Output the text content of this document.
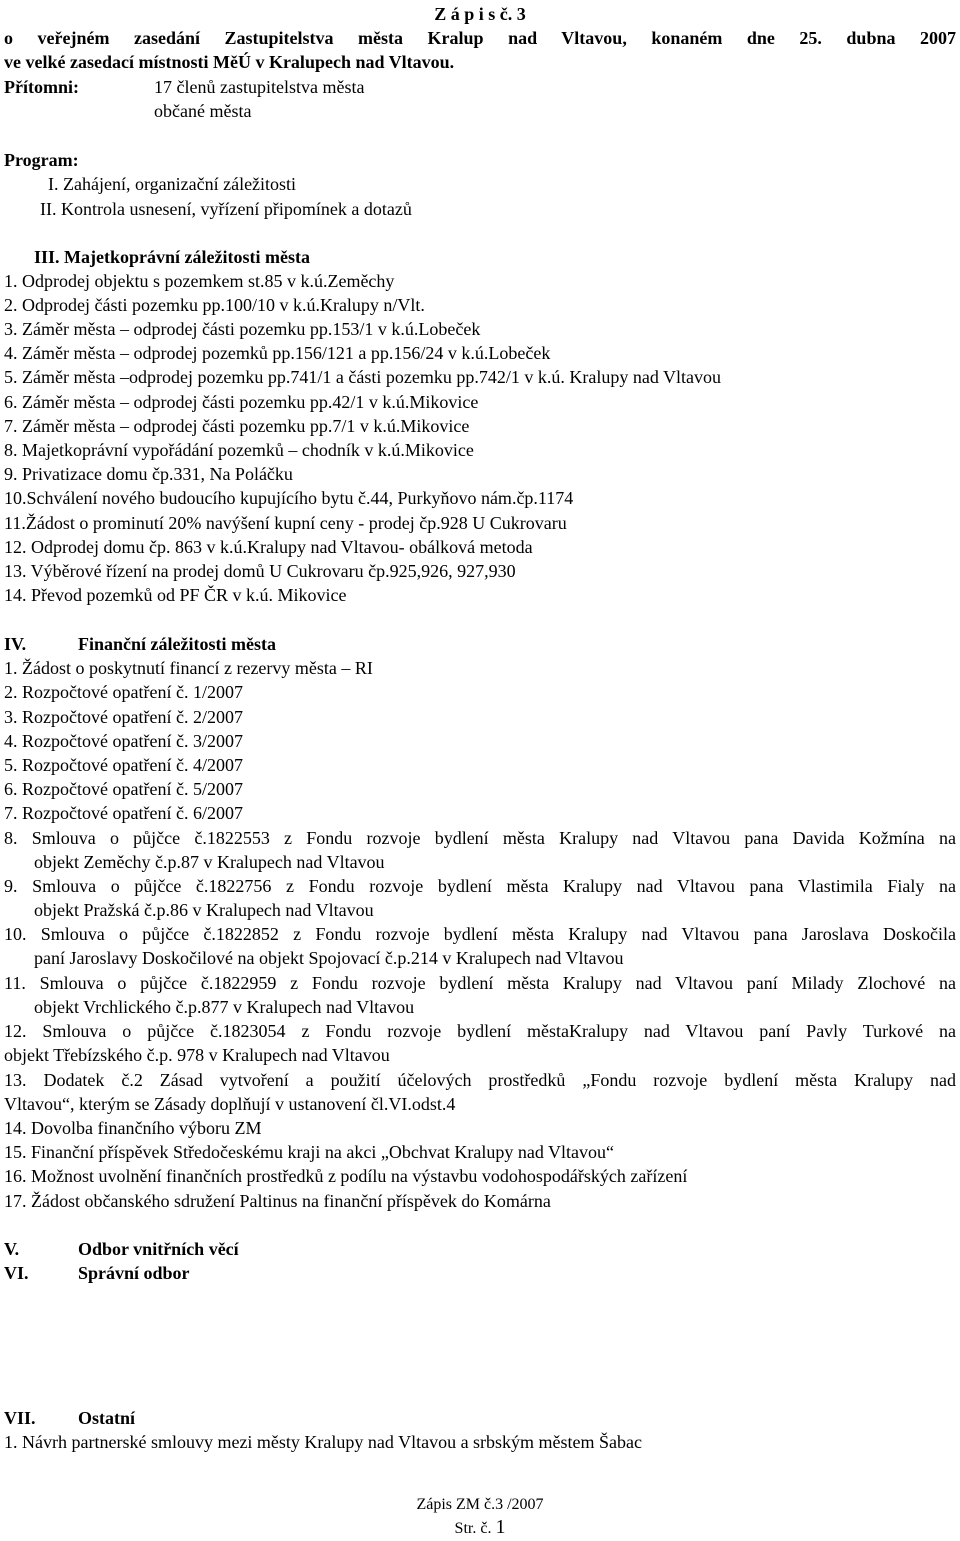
Z á p i s č. 3
o veřejném zasedání Zastupitelstva města Kralup nad Vltavou, konaném dne 25. dubna 2007
ve velké zasedací místnosti MěÚ v Kralupech nad Vltavou.
Přítomni:	17 členů zastupitelstva města
občané města
Program:
I. Zahájení, organizační záležitosti
II. Kontrola usnesení, vyřízení připomínek a dotazů
III. Majetkoprávní záležitosti města
1. Odprodej objektu s pozemkem st.85 v k.ú.Zeměchy
2. Odprodej části pozemku pp.100/10 v k.ú.Kralupy n/Vlt.
3. Záměr města – odprodej části pozemku pp.153/1 v k.ú.Lobeček
4. Záměr města – odprodej pozemků pp.156/121 a pp.156/24 v k.ú.Lobeček
5. Záměr města –odprodej pozemku pp.741/1 a části pozemku pp.742/1 v k.ú. Kralupy nad Vltavou
6. Záměr města – odprodej části pozemku pp.42/1 v k.ú.Mikovice
7. Záměr města – odprodej části pozemku pp.7/1 v k.ú.Mikovice
8. Majetkoprávní vypořádání pozemků – chodník v k.ú.Mikovice
9. Privatizace domu čp.331, Na Poláčku
10.Schválení nového budoucího kupujícího bytu č.44, Purkyňovo nám.čp.1174
11.Žádost o prominutí 20% navýšení kupní ceny - prodej čp.928 U Cukrovaru
12. Odprodej domu čp. 863 v k.ú.Kralupy nad Vltavou- obálková metoda
13. Výběrové řízení na prodej domů U Cukrovaru čp.925,926, 927,930
14. Převod pozemků od PF ČR v k.ú. Mikovice
IV.	Finanční záležitosti města
1. Žádost o poskytnutí financí z rezervy města – RI
2. Rozpočtové opatření č. 1/2007
3. Rozpočtové opatření č. 2/2007
4. Rozpočtové opatření č. 3/2007
5. Rozpočtové opatření č. 4/2007
6. Rozpočtové opatření č. 5/2007
7. Rozpočtové opatření č. 6/2007
8. Smlouva o půjčce č.1822553 z Fondu rozvoje bydlení města Kralupy nad Vltavou pana Davida Kožmína na
objekt Zeměchy č.p.87 v Kralupech nad Vltavou
9. Smlouva o půjčce č.1822756 z Fondu rozvoje bydlení města Kralupy nad Vltavou pana Vlastimila Fialy na
objekt Pražská č.p.86 v Kralupech nad Vltavou
10. Smlouva o půjčce č.1822852 z Fondu rozvoje bydlení města Kralupy nad Vltavou pana Jaroslava Doskočila
paní Jaroslavy Doskočilové na objekt Spojovací č.p.214 v Kralupech nad Vltavou
11. Smlouva o půjčce č.1822959 z Fondu rozvoje bydlení města Kralupy nad Vltavou paní Milady Zlochové na
objekt Vrchlického č.p.877 v Kralupech nad Vltavou
12. Smlouva o půjčce č.1823054 z Fondu rozvoje bydlení městaKralupy nad Vltavou paní Pavly Turkové na
objekt Třebízského č.p. 978 v Kralupech nad Vltavou
13. Dodatek č.2 Zásad vytvoření a použití účelových prostředků „Fondu rozvoje bydlení města Kralupy nad
Vltavou“, kterým se Zásady doplňují v ustanovení čl.VI.odst.4
14. Dovolba finančního výboru ZM
15. Finanční příspěvek Středočeskému kraji na akci „Obchvat Kralupy nad Vltavou“
16. Možnost uvolnění finančních prostředků z podílu na výstavbu vodohospodářských zařízení
17. Žádost občanského sdružení Paltinus na finanční příspěvek do Komárna
V.	Odbor vnitřních věcí
VI.	Správní odbor
VII. Ostatní
1. Návrh partnerské smlouvy mezi městy Kralupy nad Vltavou a srbským městem Šabac
Zápis ZM č.3 /2007
Str. č. 1
